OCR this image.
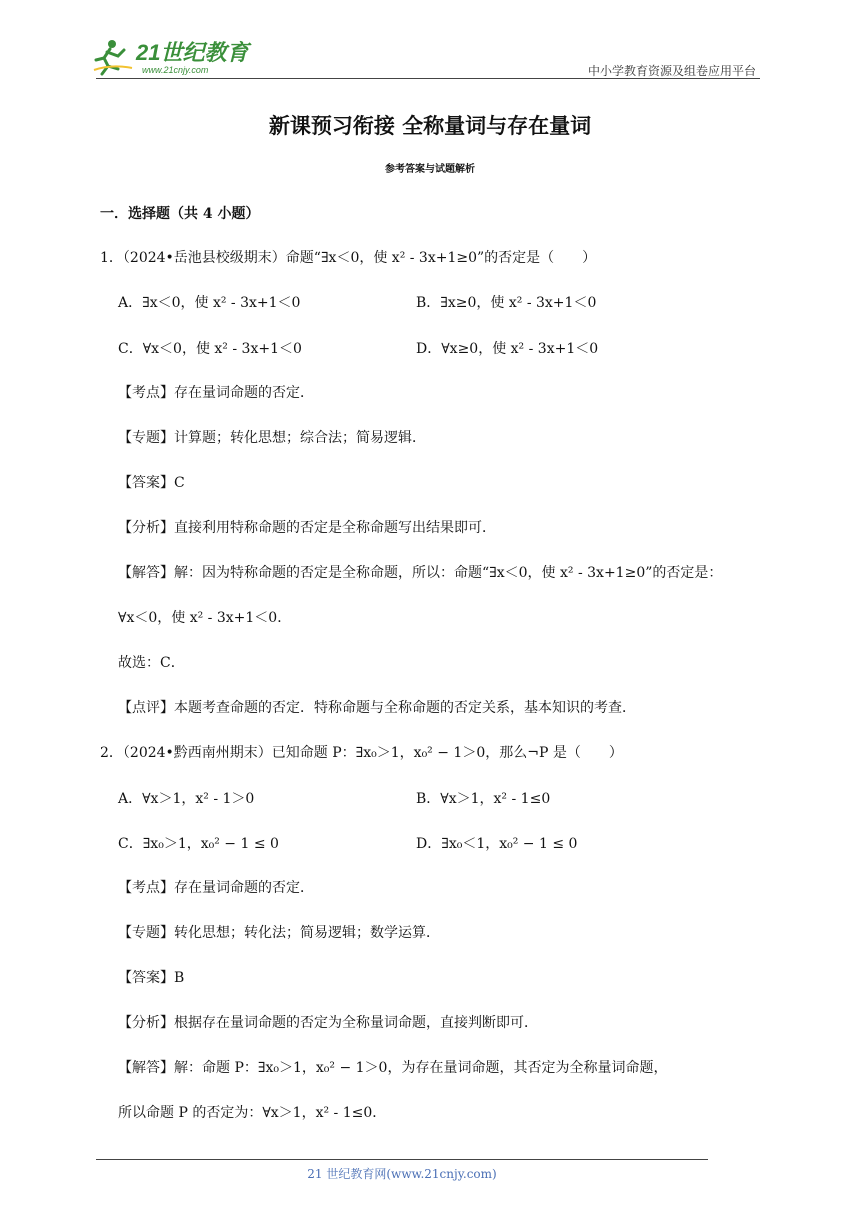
21世纪教育
www.21cnjy.com	中小学教育资源及组卷应用平台
新课预习衔接 全称量词与存在量词
参考答案与试题解析
一．选择题（共 4 小题）
1．（2024•岳池县校级期末）命题“∃x＜0，使 x² - 3x+1≥0”的否定是（　　）
A．∃x＜0，使 x² - 3x+1＜0	B．∃x≥0，使 x² - 3x+1＜0
C．∀x＜0，使 x² - 3x+1＜0	D．∀x≥0，使 x² - 3x+1＜0
【考点】存在量词命题的否定．
【专题】计算题；转化思想；综合法；简易逻辑．
【答案】C
【分析】直接利用特称命题的否定是全称命题写出结果即可．
【解答】解：因为特称命题的否定是全称命题，所以：命题“∃x＜0，使 x² - 3x+1≥0”的否定是：
∀x＜0，使 x² - 3x+1＜0．
故选：C．
【点评】本题考查命题的否定．特称命题与全称命题的否定关系，基本知识的考查．
2．（2024•黔西南州期末）已知命题 P：∃x₀＞1，x₀² − 1＞0，那么¬P 是（　　）
A．∀x＞1，x² - 1＞0	B．∀x＞1，x² - 1≤0
C．∃x₀＞1，x₀² − 1 ≤ 0	D．∃x₀＜1，x₀² − 1 ≤ 0
【考点】存在量词命题的否定．
【专题】转化思想；转化法；简易逻辑；数学运算．
【答案】B
【分析】根据存在量词命题的否定为全称量词命题，直接判断即可．
【解答】解：命题 P：∃x₀＞1，x₀² − 1＞0，为存在量词命题，其否定为全称量词命题，
所以命题 P 的否定为：∀x＞1，x² - 1≤0．
21 世纪教育网(www.21cnjy.com)
